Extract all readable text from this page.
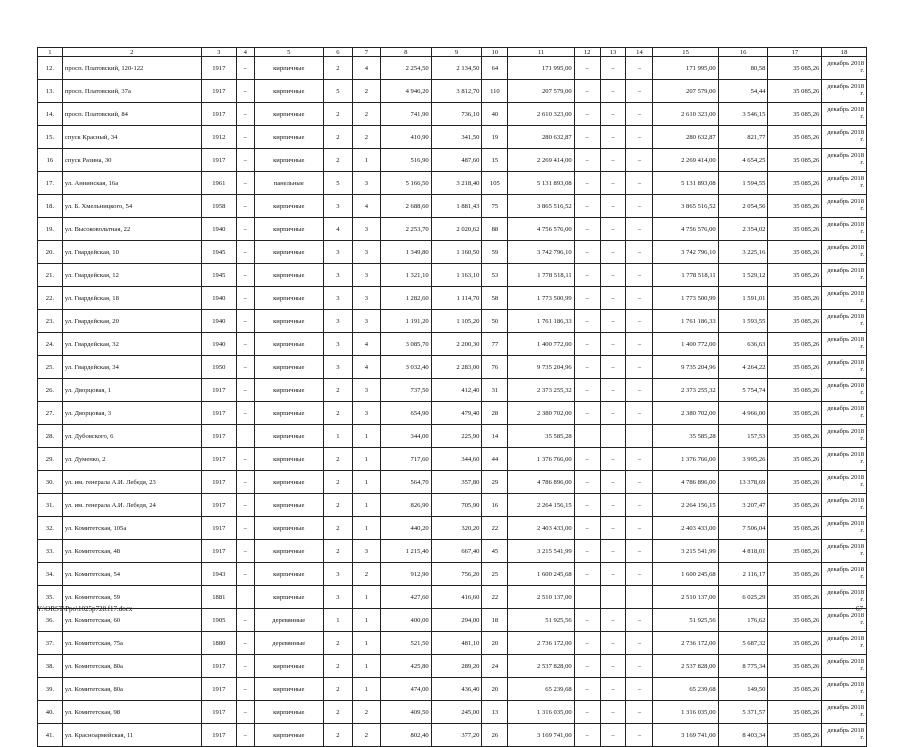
1	2	3	4	5	6	7	8	9	10	11	12	13	14	15	16	17	18
12.	просп. Платовский, 120-122	1917	–	кирпичные	2	4	2 254,50	2 134,50	64	171 995,00	–	–	–	171 995,00	80,58	35 085,26	декабрь 2018 г.
13.	просп. Платовский, 37а	1917	–	кирпичные	5	2	4 946,20	3 812,70	110	207 579,00	–	–	–	207 579,00	54,44	35 085,26	декабрь 2018 г.
14.	просп. Платовский, 84	1917	–	кирпичные	2	2	741,90	736,10	40	2 610 323,00	–	–	–	2 610 323,00	3 546,15	35 085,26	декабрь 2018 г.
15.	спуск Красный, 34	1912	–	кирпичные	2	2	410,90	341,50	19	280 632,87	–	–	–	280 632,87	821,77	35 085,26	декабрь 2018 г.
16	спуск Разина, 30	1917	–	кирпичные	2	1	516,90	487,60	15	2 269 414,00	–	–	–	2 269 414,00	4 654,25	35 085,26	декабрь 2018 г.
17.	ул. Аннинская, 16а	1961	–	панельные	5	3	5 166,50	3 218,40	105	5 131 893,08	–	–	–	5 131 893,08	1 594,55	35 085,26	декабрь 2018 г.
18.	ул. Б. Хмельницкого, 54	1958	–	кирпичные	3	4	2 688,60	1 881,43	75	3 865 516,52	–	–	–	3 865 516,52	2 054,56	35 085,26	декабрь 2018 г.
19.	ул. Высоковольтная, 22	1940	–	кирпичные	4	3	2 253,70	2 020,62	88	4 756 576,00	–	–	–	4 756 576,00	2 354,02	35 085,26	декабрь 2018 г.
20.	ул. Гвардейская, 10	1945	–	кирпичные	3	3	1 349,80	1 160,50	59	3 742 796,10	–	–	–	3 742 796,10	3 225,16	35 085,26	декабрь 2018 г.
21.	ул. Гвардейская, 12	1945	–	кирпичные	3	3	1 321,10	1 163,10	53	1 778 518,11	–	–	–	1 778 518,11	1 529,12	35 085,26	декабрь 2018 г.
22.	ул. Гвардейская, 18	1940	–	кирпичные	3	3	1 282,60	1 114,70	58	1 773 500,99	–	–	–	1 773 500,99	1 591,01	35 085,26	декабрь 2018 г.
23.	ул. Гвардейская, 20	1940	–	кирпичные	3	3	1 191,20	1 105,20	50	1 761 186,33	–	–	–	1 761 186,33	1 593,55	35 085,26	декабрь 2018 г.
24.	ул. Гвардейская, 32	1940	–	кирпичные	3	4	3 085,70	2 200,30	77	1 400 772,00	–	–	–	1 400 772,00	636,63	35 085,26	декабрь 2018 г.
25.	ул. Гвардейская, 34	1950	–	кирпичные	3	4	3 032,40	2 283,00	76	9 735 204,96	–	–	–	9 735 204,96	4 264,22	35 085,26	декабрь 2018 г.
26.	ул. Дворцовая, 1	1917	–	кирпичные	2	3	737,50	412,40	31	2 373 255,32	–	–	–	2 373 255,32	5 754,74	35 085,26	декабрь 2018 г.
27.	ул. Дворцовая, 3	1917	–	кирпичные	2	3	654,90	479,40	28	2 380 702,00	–	–	–	2 380 702,00	4 966,00	35 085,26	декабрь 2018 г.
28.	ул. Дубовского, 6	1917		кирпичные	1	1	344,00	225,90	14	35 585,28				35 585,28	157,53	35 085,26	декабрь 2018 г.
29.	ул. Думенко, 2	1917	–	кирпичные	2	1	717,60	344,60	44	1 376 766,00	–	–	–	1 376 766,00	3 995,26	35 085,26	декабрь 2018 г.
30.	ул. им. генерала А.И. Лебедя, 23	1917	–	кирпичные	2	1	564,70	357,80	29	4 786 896,00	–	–	–	4 786 896,00	13 378,69	35 085,26	декабрь 2018 г.
31.	ул. им. генерала А.И. Лебедя, 24	1917	–	кирпичные	2	1	826,90	705,90	16	2 264 156,15	–	–	–	2 264 156,15	3 207,47	35 085,26	декабрь 2018 г.
32.	ул. Комитетская, 105а	1917	–	кирпичные	2	1	440,20	320,20	22	2 403 433,00	–	–	–	2 403 433,00	7 506,04	35 085,26	декабрь 2018 г.
33.	ул. Комитетская, 48	1917	–	кирпичные	2	3	1 215,40	667,40	45	3 215 541,99	–	–	–	3 215 541,99	4 818,01	35 085,26	декабрь 2018 г.
34.	ул. Комитетская, 54	1943	–	кирпичные	3	2	912,90	756,20	25	1 600 245,68	–	–	–	1 600 245,68	2 116,17	35 085,26	декабрь 2018 г.
35.	ул. Комитетская, 59	1881		кирпичные	3	1	427,60	416,60	22	2 510 137,00				2 510 137,00	6 025,29	35 085,26	декабрь 2018 г.
36.	ул. Комитетская, 60	1905	–	деревянные	1	1	400,00	294,00	18	51 925,56	–	–	–	51 925,56	176,62	35 085,26	декабрь 2018 г.
37.	ул. Комитетская, 75а	1880	–	деревянные	2	1	521,50	481,10	20	2 736 172,00	–	–	–	2 736 172,00	5 687,32	35 085,26	декабрь 2018 г.
38.	ул. Комитетская, 80а	1917	–	кирпичные	2	1	425,80	289,20	24	2 537 828,00	–	–	–	2 537 828,00	8 775,34	35 085,26	декабрь 2018 г.
39.	ул. Комитетская, 80а	1917	–	кирпичные	2	1	474,00	436,40	20	65 239,68	–	–	–	65 239,68	149,50	35 085,26	декабрь 2018 г.
40.	ул. Комитетская, 98	1917	–	кирпичные	2	2	409,50	245,00	13	1 316 035,00	–	–	–	1 316 035,00	5 371,57	35 085,26	декабрь 2018 г.
41.	ул. Красноармейская, 11	1917	–	кирпичные	2	2	802,40	377,20	26	3 169 741,00	–	–	–	3 169 741,00	8 403,34	35 085,26	декабрь 2018 г.
Y:\ORST\Ppo\1025p728.f17.docx	67
